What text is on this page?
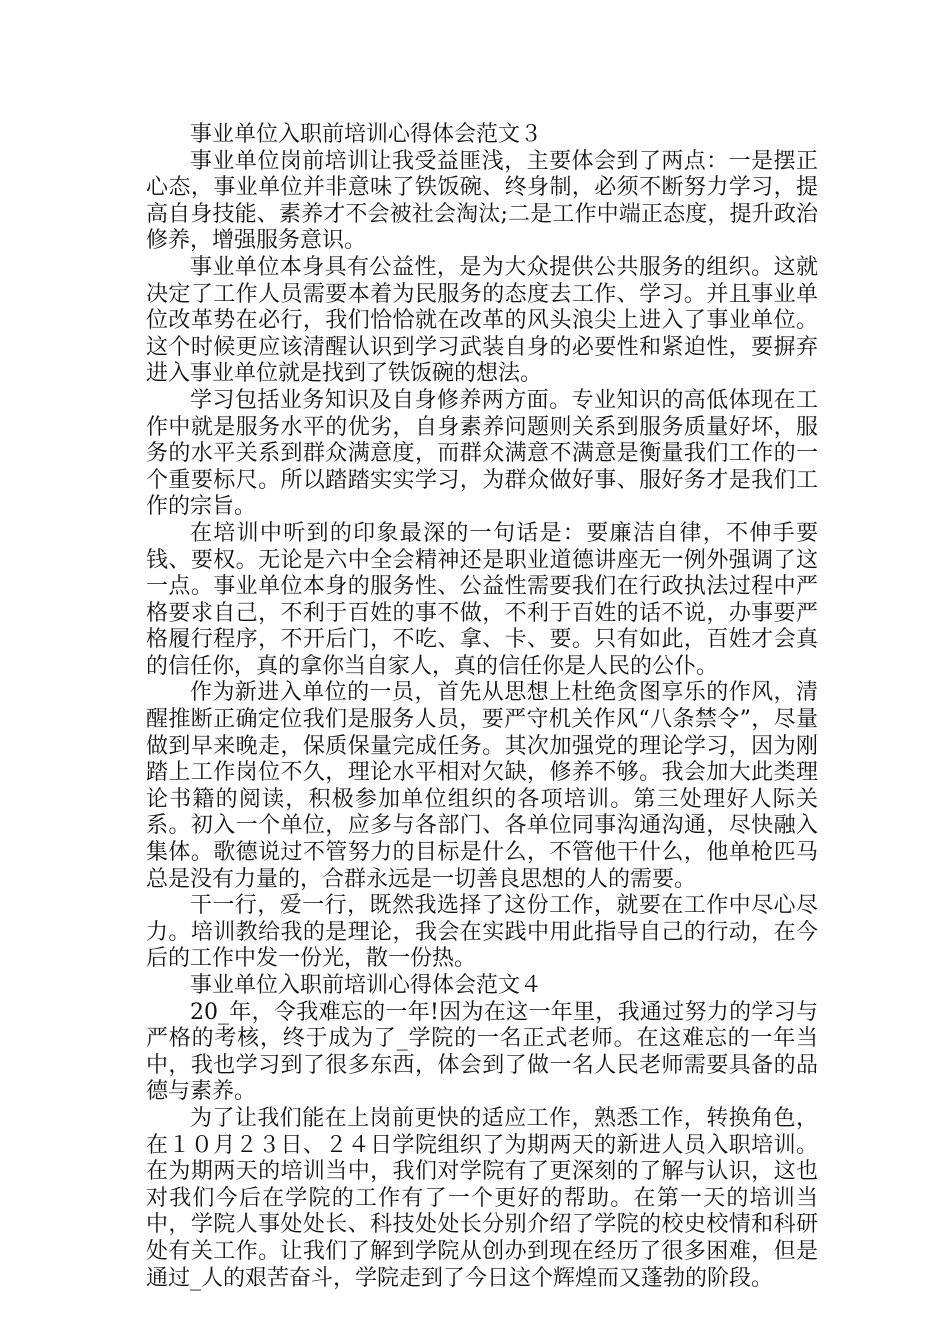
事业单位入职前培训心得体会范文３

事业单位岗前培训让我受益匪浅，主要体会到了两点：一是摆正心态，事业单位并非意味了铁饭碗、终身制，必须不断努力学习，提高自身技能、素养才不会被社会淘汰;二是工作中端正态度，提升政治修养，增强服务意识。

事业单位本身具有公益性，是为大众提供公共服务的组织。这就决定了工作人员需要本着为民服务的态度去工作、学习。并且事业单位改革势在必行，我们恰恰就在改革的风头浪尖上进入了事业单位。这个时候更应该清醒认识到学习武装自身的必要性和紧迫性，要摒弃进入事业单位就是找到了铁饭碗的想法。

学习包括业务知识及自身修养两方面。专业知识的高低体现在工作中就是服务水平的优劣，自身素养问题则关系到服务质量好坏，服务的水平关系到群众满意度，而群众满意不满意是衡量我们工作的一个重要标尺。所以踏踏实实学习，为群众做好事、服好务才是我们工作的宗旨。

在培训中听到的印象最深的一句话是：要廉洁自律，不伸手要钱、要权。无论是六中全会精神还是职业道德讲座无一例外强调了这一点。事业单位本身的服务性、公益性需要我们在行政执法过程中严格要求自己，不利于百姓的事不做，不利于百姓的话不说，办事要严格履行程序，不开后门，不吃、拿、卡、要。只有如此，百姓才会真的信任你，真的拿你当自家人，真的信任你是人民的公仆。

作为新进入单位的一员，首先从思想上杜绝贪图享乐的作风，清醒推断正确定位我们是服务人员，要严守机关作风“八条禁令”，尽量做到早来晚走，保质保量完成任务。其次加强党的理论学习，因为刚踏上工作岗位不久，理论水平相对欠缺，修养不够。我会加大此类理论书籍的阅读，积极参加单位组织的各项培训。第三处理好人际关系。初入一个单位，应多与各部门、各单位同事沟通沟通，尽快融入集体。歌德说过不管努力的目标是什么，不管他干什么，他单枪匹马总是没有力量的，合群永远是一切善良思想的人的需要。

干一行，爱一行，既然我选择了这份工作，就要在工作中尽心尽力。培训教给我的是理论，我会在实践中用此指导自己的行动，在今后的工作中发一份光，散一份热。

事业单位入职前培训心得体会范文４

20_年，令我难忘的一年!因为在这一年里，我通过努力的学习与严格的考核，终于成为了_学院的一名正式老师。在这难忘的一年当中，我也学习到了很多东西，体会到了做一名人民老师需要具备的品德与素养。

为了让我们能在上岗前更快的适应工作，熟悉工作，转换角色，在１０月２３日、２４日学院组织了为期两天的新进人员入职培训。在为期两天的培训当中，我们对学院有了更深刻的了解与认识，这也对我们今后在学院的工作有了一个更好的帮助。在第一天的培训当中，学院人事处处长、科技处处长分别介绍了学院的校史校情和科研处有关工作。让我们了解到学院从创办到现在经历了很多困难，但是通过_人的艰苦奋斗，学院走到了今日这个辉煌而又蓬勃的阶段。
